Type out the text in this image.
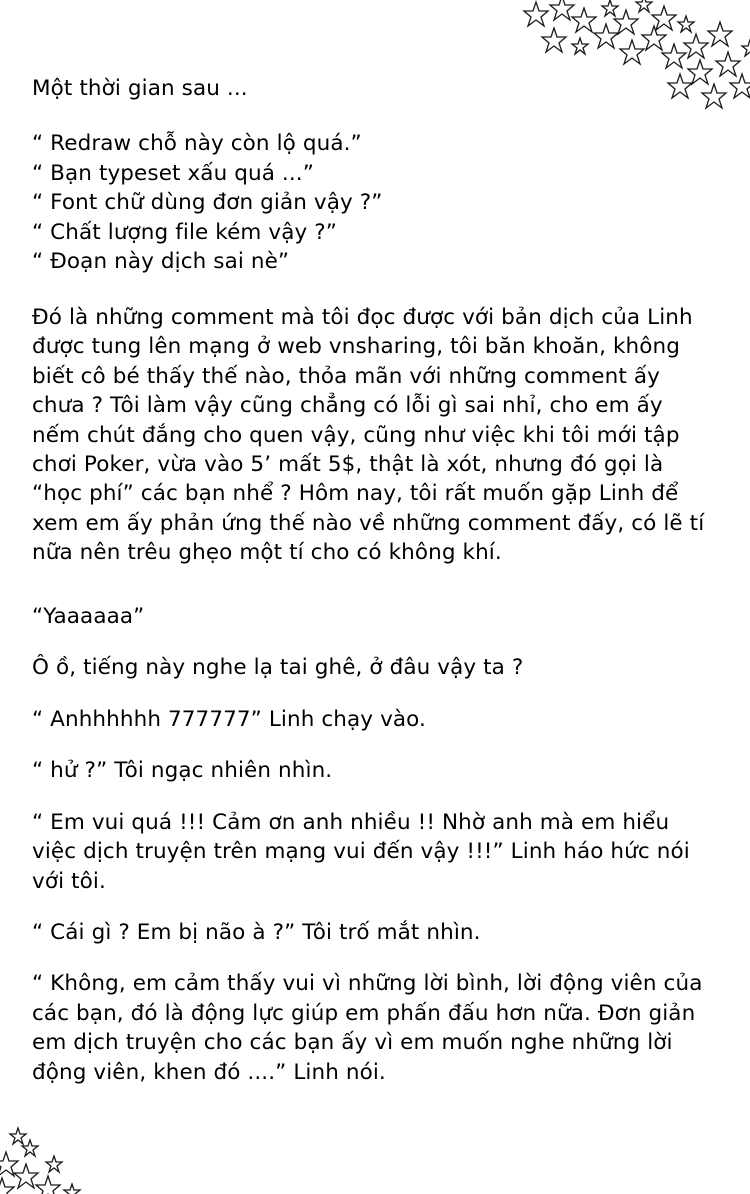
Một thời gian sau ...

“ Redraw chỗ này còn lộ quá.”

“ Bạn typeset xấu quá ...”

“ Font chữ dùng đơn giản vậy ?”

“ Chất lượng file kém vậy ?”

“ Đoạn này dịch sai nè”

Đó là những comment mà tôi đọc được với bản dịch của Linh được tung lên mạng ở web vnsharing, tôi băn khoăn, không biết cô bé thấy thế nào, thỏa mãn với những comment ấy chưa ? Tôi làm vậy cũng chẳng có lỗi gì sai nhỉ, cho em ấy nếm chút đắng cho quen vậy, cũng như việc khi tôi mới tập chơi Poker, vừa vào 5’ mất 5$, thật là xót, nhưng đó gọi là “học phí” các bạn nhể ? Hôm nay, tôi rất muốn gặp Linh để xem em ấy phản ứng thế nào về những comment đấy, có lẽ tí nữa nên trêu ghẹo một tí cho có không khí.

“Yaaaaaa”

Ô ồ, tiếng này nghe lạ tai ghê, ở đâu vậy ta ?

“ Anhhhhhh 777777” Linh chạy vào.

“ hử ?” Tôi ngạc nhiên nhìn.

“ Em vui quá !!! Cảm ơn anh nhiều !! Nhờ anh mà em hiểu việc dịch truyện trên mạng vui đến vậy !!!” Linh háo hức nói với tôi.

“ Cái gì ? Em bị não à ?” Tôi trố mắt nhìn.

“ Không, em cảm thấy vui vì những lời bình, lời động viên của các bạn, đó là động lực giúp em phấn đấu hơn nữa. Đơn giản em dịch truyện cho các bạn ấy vì em muốn nghe những lời động viên, khen đó ....” Linh nói.
